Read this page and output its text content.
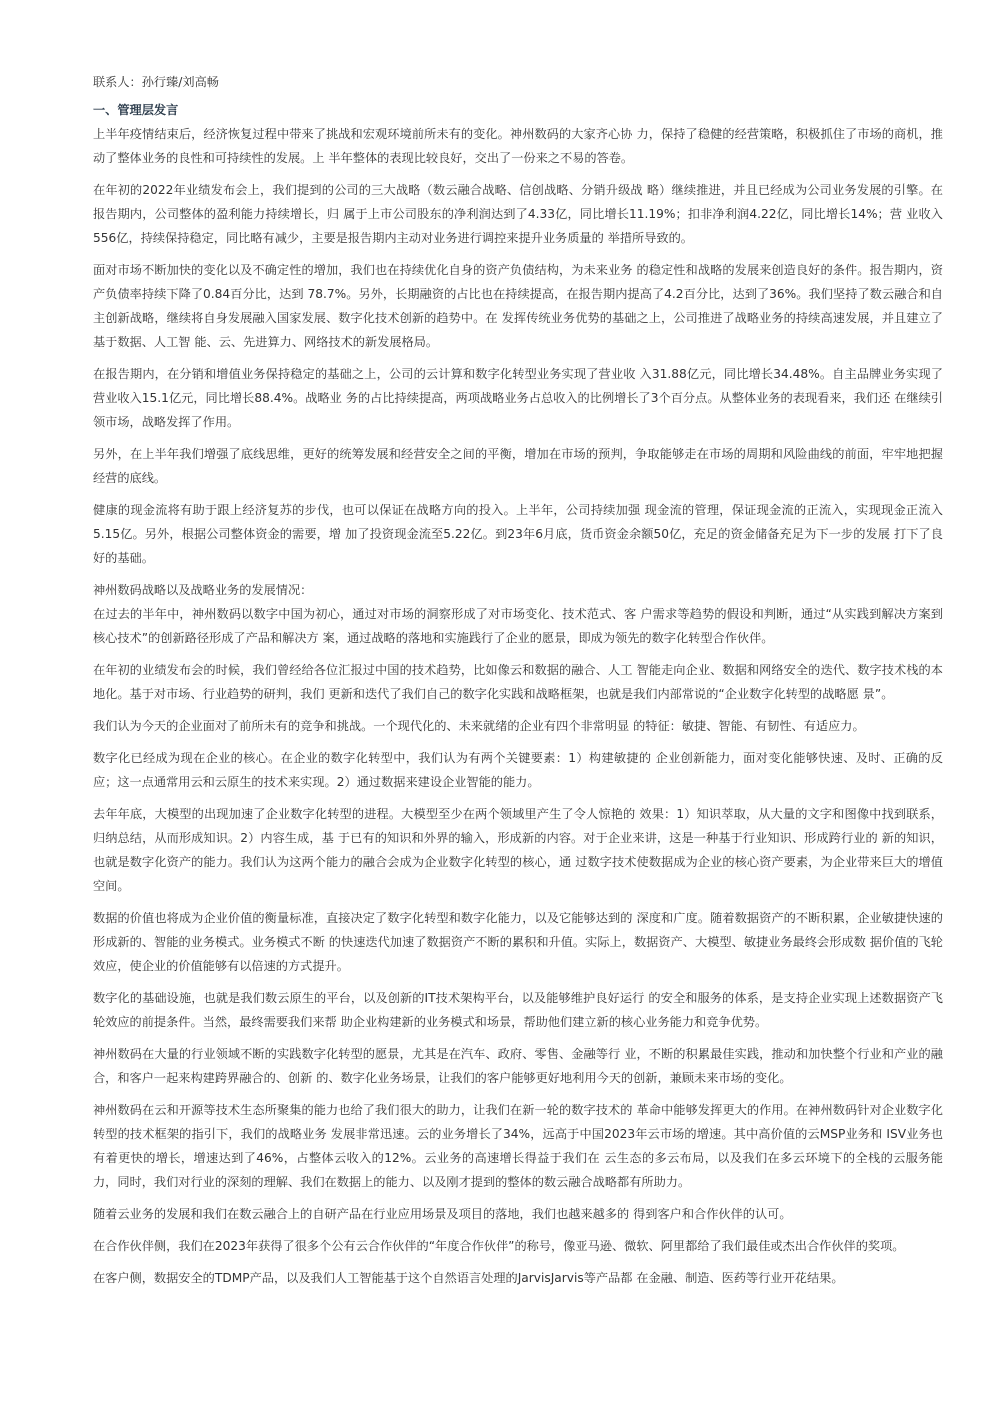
联系人：孙行臻/刘高畅

一、管理层发言

上半年疫情结束后，经济恢复过程中带来了挑战和宏观环境前所未有的变化。神州数码的大家齐心协 力，保持了稳健的经营策略，积极抓住了市场的商机，推动了整体业务的良性和可持续性的发展。上 半年整体的表现比较良好，交出了一份来之不易的答卷。

在年初的2022年业绩发布会上，我们提到的公司的三大战略（数云融合战略、信创战略、分销升级战 略）继续推进，并且已经成为公司业务发展的引擎。在报告期内，公司整体的盈利能力持续增长，归 属于上市公司股东的净利润达到了4.33亿，同比增长11.19%；扣非净利润4.22亿，同比增长14%；营 业收入556亿，持续保持稳定，同比略有减少，主要是报告期内主动对业务进行调控来提升业务质量的 举措所导致的。

面对市场不断加快的变化以及不确定性的增加，我们也在持续优化自身的资产负债结构，为未来业务 的稳定性和战略的发展来创造良好的条件。报告期内，资产负债率持续下降了0.84百分比，达到 78.7%。另外，长期融资的占比也在持续提高，在报告期内提高了4.2百分比，达到了36%。我们坚持了数云融合和自主创新战略，继续将自身发展融入国家发展、数字化技术创新的趋势中。在 发挥传统业务优势的基础之上，公司推进了战略业务的持续高速发展，并且建立了基于数据、人工智 能、云、先进算力、网络技术的新发展格局。

在报告期内，在分销和增值业务保持稳定的基础之上，公司的云计算和数字化转型业务实现了营业收 入31.88亿元，同比增长34.48%。自主品牌业务实现了营业收入15.1亿元，同比增长88.4%。战略业 务的占比持续提高，两项战略业务占总收入的比例增长了3个百分点。从整体业务的表现看来，我们还 在继续引领市场，战略发挥了作用。

另外，在上半年我们增强了底线思维，更好的统筹发展和经营安全之间的平衡，增加在市场的预判，争取能够走在市场的周期和风险曲线的前面，牢牢地把握经营的底线。

健康的现金流将有助于跟上经济复苏的步伐，也可以保证在战略方向的投入。上半年，公司持续加强 现金流的管理，保证现金流的正流入，实现现金正流入5.15亿。另外，根据公司整体资金的需要，增 加了投资现金流至5.22亿。到23年6月底，货币资金余额50亿，充足的资金储备充足为下一步的发展 打下了良好的基础。

神州数码战略以及战略业务的发展情况：

在过去的半年中，神州数码以数字中国为初心，通过对市场的洞察形成了对市场变化、技术范式、客 户需求等趋势的假设和判断，通过“从实践到解决方案到核心技术”的创新路径形成了产品和解决方 案，通过战略的落地和实施践行了企业的愿景，即成为领先的数字化转型合作伙伴。

在年初的业绩发布会的时候，我们曾经给各位汇报过中国的技术趋势，比如像云和数据的融合、人工 智能走向企业、数据和网络安全的迭代、数字技术栈的本地化。基于对市场、行业趋势的研判，我们 更新和迭代了我们自己的数字化实践和战略框架，也就是我们内部常说的“企业数字化转型的战略愿 景”。

我们认为今天的企业面对了前所未有的竞争和挑战。一个现代化的、未来就绪的企业有四个非常明显 的特征：敏捷、智能、有韧性、有适应力。

数字化已经成为现在企业的核心。在企业的数字化转型中，我们认为有两个关键要素：1）构建敏捷的 企业创新能力，面对变化能够快速、及时、正确的反应；这一点通常用云和云原生的技术来实现。2）通过数据来建设企业智能的能力。

去年年底，大模型的出现加速了企业数字化转型的进程。大模型至少在两个领域里产生了令人惊艳的 效果：1）知识萃取，从大量的文字和图像中找到联系，归纳总结，从而形成知识。2）内容生成，基 于已有的知识和外界的输入，形成新的内容。对于企业来讲，这是一种基于行业知识、形成跨行业的 新的知识，也就是数字化资产的能力。我们认为这两个能力的融合会成为企业数字化转型的核心，通 过数字技术使数据成为企业的核心资产要素，为企业带来巨大的增值空间。

数据的价值也将成为企业价值的衡量标准，直接决定了数字化转型和数字化能力，以及它能够达到的 深度和广度。随着数据资产的不断积累，企业敏捷快速的形成新的、智能的业务模式。业务模式不断 的快速迭代加速了数据资产不断的累积和升值。实际上，数据资产、大模型、敏捷业务最终会形成数 据价值的飞轮效应，使企业的价值能够有以倍速的方式提升。

数字化的基础设施，也就是我们数云原生的平台，以及创新的IT技术架构平台，以及能够维护良好运行 的安全和服务的体系，是支持企业实现上述数据资产飞轮效应的前提条件。当然，最终需要我们来帮 助企业构建新的业务模式和场景，帮助他们建立新的核心业务能力和竞争优势。

神州数码在大量的行业领域不断的实践数字化转型的愿景，尤其是在汽车、政府、零售、金融等行 业，不断的积累最佳实践，推动和加快整个行业和产业的融合，和客户一起来构建跨界融合的、创新 的、数字化业务场景，让我们的客户能够更好地利用今天的创新，兼顾未来市场的变化。

神州数码在云和开源等技术生态所聚集的能力也给了我们很大的助力，让我们在新一轮的数字技术的 革命中能够发挥更大的作用。在神州数码针对企业数字化转型的技术框架的指引下，我们的战略业务 发展非常迅速。云的业务增长了34%，远高于中国2023年云市场的增速。其中高价值的云MSP业务和 ISV业务也有着更快的增长，增速达到了46%，占整体云收入的12%。云业务的高速增长得益于我们在 云生态的多云布局，以及我们在多云环境下的全栈的云服务能力，同时，我们对行业的深刻的理解、我们在数据上的能力、以及刚才提到的整体的数云融合战略都有所助力。

随着云业务的发展和我们在数云融合上的自研产品在行业应用场景及项目的落地，我们也越来越多的 得到客户和合作伙伴的认可。

在合作伙伴侧，我们在2023年获得了很多个公有云合作伙伴的“年度合作伙伴”的称号，像亚马逊、微软、阿里都给了我们最佳或杰出合作伙伴的奖项。

在客户侧，数据安全的TDMP产品，以及我们人工智能基于这个自然语言处理的JarvisJarvis等产品都 在金融、制造、医药等行业开花结果。
